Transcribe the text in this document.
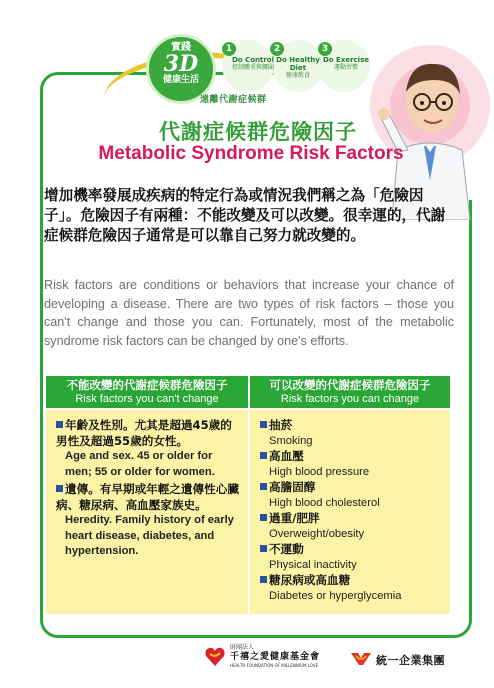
實踐
3D
健康生活
1
Do Control
控制體重與腰圍
2
Do Healthy Diet
健康飲食
3
Do Exercise
運動習慣
遠離代謝症候群
代謝症候群危險因子
Metabolic Syndrome Risk Factors
增加機率發展成疾病的特定行為或情況我們稱之為「危險因子」。危險因子有兩種：不能改變及可以改變。很幸運的，代謝症候群危險因子通常是可以靠自己努力就改變的。
Risk factors are conditions or behaviors that increase your chance of developing a disease. There are two types of risk factors – those you can't change and those you can. Fortunately, most of the metabolic syndrome risk factors can be changed by one's efforts.
不能改變的代謝症候群危險因子
Risk factors you can't change
年齡及性別。尤其是超過45歲的男性及超過55歲的女性。
Age and sex. 45 or older for men; 55 or older for women.
遺傳。有早期或年輕之遺傳性心臟病、糖尿病、高血壓家族史。
Heredity. Family history of early heart disease, diabetes, and hypertension.
可以改變的代謝症候群危險因子
Risk factors you can change
抽菸
Smoking
高血壓
High blood pressure
高膽固醇
High blood cholesterol
過重/肥胖
Overweight/obesity
不運動
Physical inactivity
糖尿病或高血糖
Diabetes or hyperglycemia
財團法人
千禧之愛健康基金會
HEALTH FOUNDATION OF MILLENNIUM LOVE	統一企業集團
